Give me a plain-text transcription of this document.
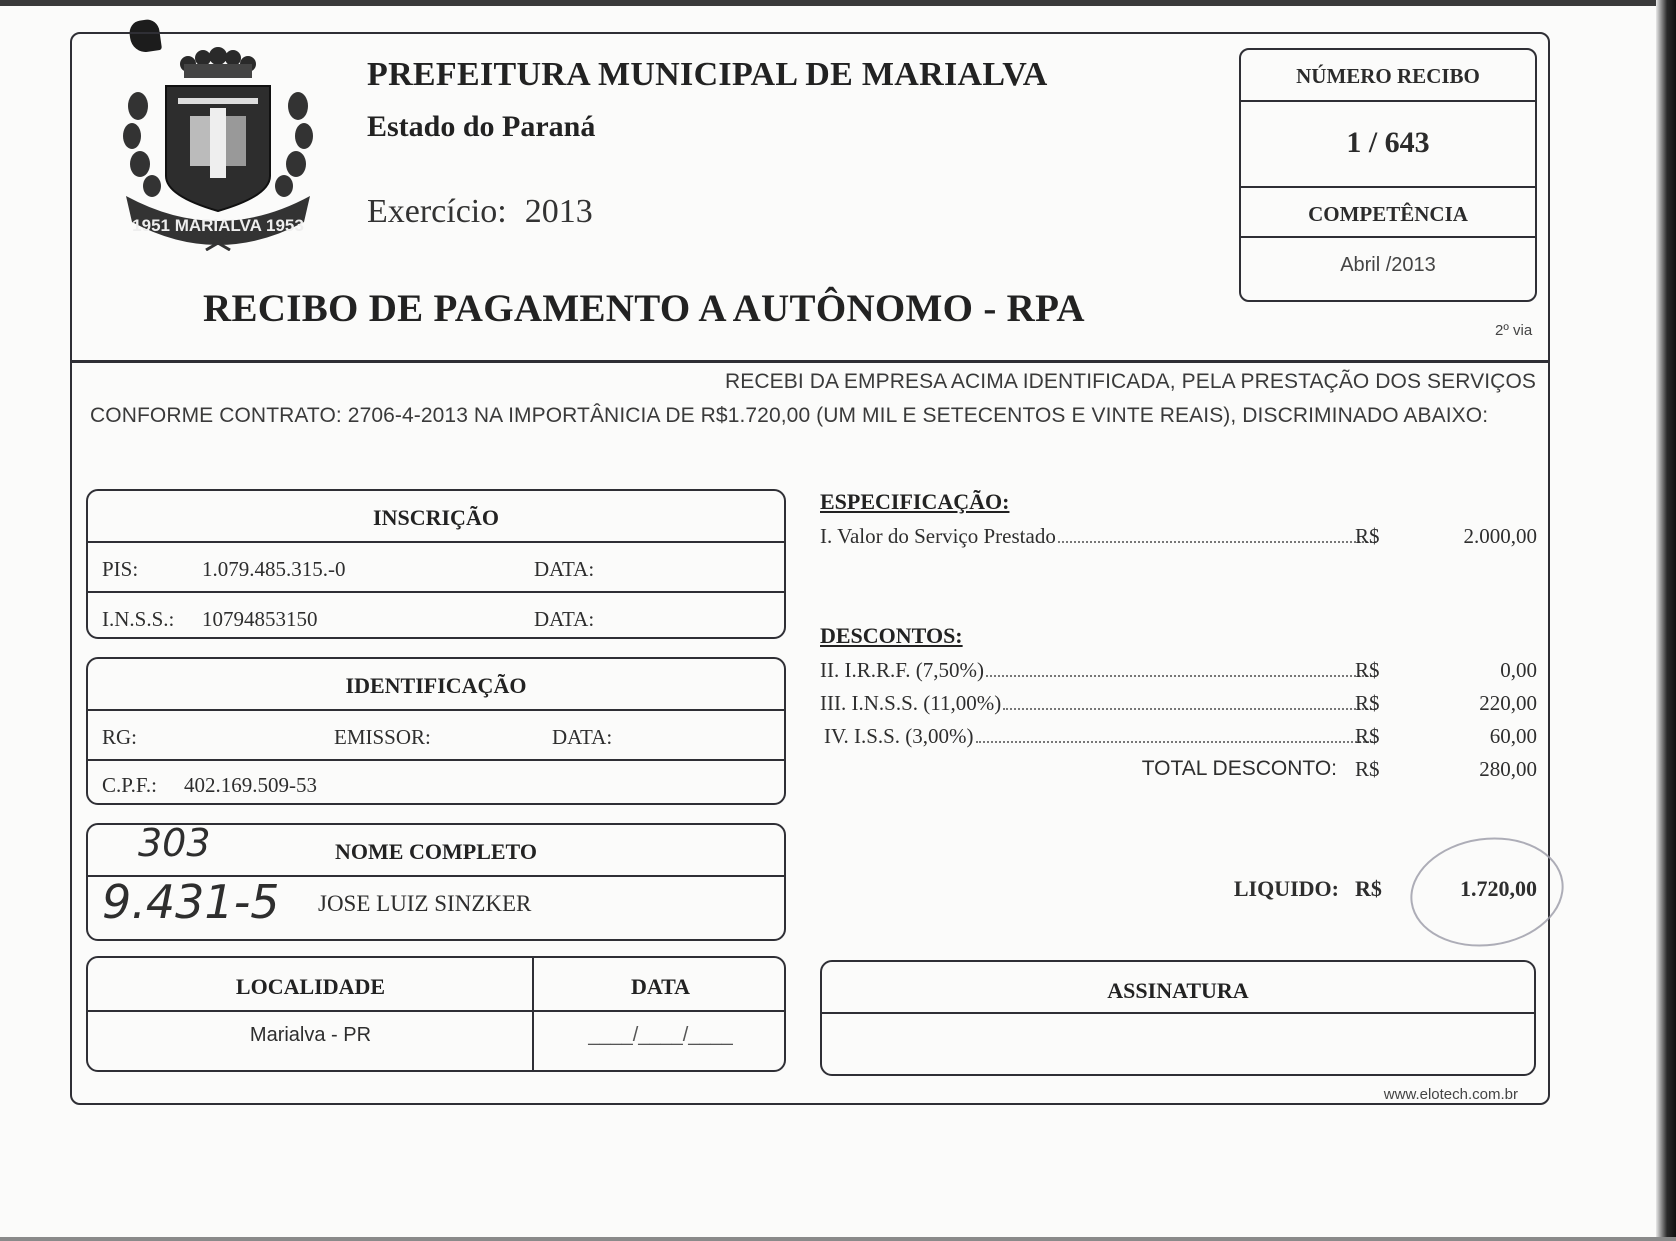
1951 MARIALVA 1953
PREFEITURA MUNICIPAL DE MARIALVA
Estado do Paraná
Exercício: 2013
RECIBO DE PAGAMENTO A AUTÔNOMO - RPA
NÚMERO RECIBO
1 / 643
COMPETÊNCIA
Abril /2013
2º via
RECEBI DA EMPRESA ACIMA IDENTIFICADA, PELA PRESTAÇÃO DOS SERVIÇOS
CONFORME CONTRATO: 2706-4-2013 NA IMPORTÂNICIA DE R$1.720,00 (UM MIL E SETECENTOS E VINTE REAIS), DISCRIMINADO ABAIXO:
INSCRIÇÃO
PIS:	1.079.485.315.-0	DATA:
I.N.S.S.: 10794853150	DATA:
IDENTIFICAÇÃO
RG:	EMISSOR:	DATA:
C.P.F.: 402.169.509-53
NOME COMPLETO
JOSE LUIZ SINZKER
303
9.431-5
LOCALIDADE	DATA
Marialva - PR	____/____/____
ESPECIFICAÇÃO:
I. Valor do Serviço Prestado	R$	2.000,00
DESCONTOS:
II. I.R.R.F. (7,50%)	R$	0,00
III. I.N.S.S. (11,00%)	R$	220,00
IV. I.S.S. (3,00%)	R$	60,00
TOTAL DESCONTO: R$	280,00
LIQUIDO: R$	1.720,00
ASSINATURA
www.elotech.com.br
